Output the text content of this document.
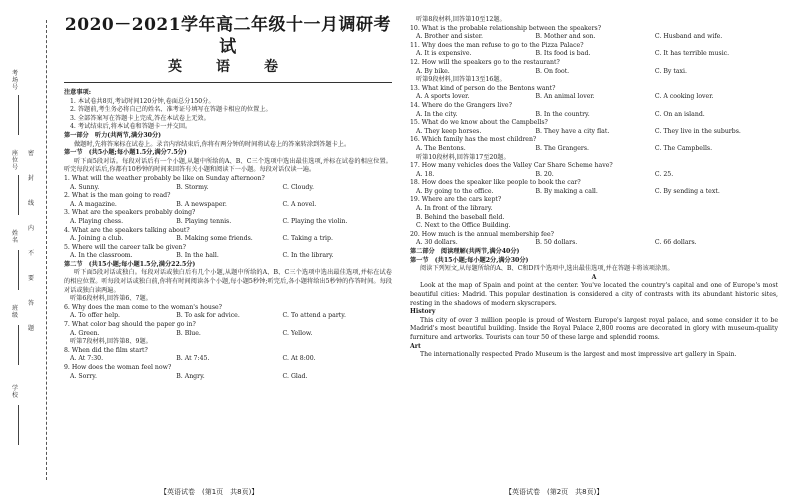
密
封
线
内
不
要
答
题
考场号
座位号
姓名
班级
学校
2020－2021学年高二年级十一月调研考试
英　语　卷
注意事项:
1. 本试卷共8页,考试时间120分钟,卷面总分150分。
2. 答题前,考生务必将自己的姓名、准考证号填写在答题卡相应的位置上。
3. 全部答案写在答题卡上完成,答在本试卷上无效。
4. 考试结束后,将本试卷和答题卡一并交回。
第一部分　听力(共两节,满分30分)
做题时,先将答案标在试卷上。录音内容结束后,你将有两分钟的时间将试卷上的答案转涂到答题卡上。
第一节　(共5小题;每小题1.5分,满分7.5分)
听下面5段对话。每段对话后有一个小题,从题中所给的A、B、C三个选项中选出最佳选项,并标在试卷的相应位置。听完每段对话后,你都有10秒钟的时间来回答有关小题和阅读下一小题。每段对话仅读一遍。
1. What will the weather probably be like on Sunday afternoon?
A. Sunny.	B. Stormy.	C. Cloudy.
2. What is the man going to read?
A. A magazine.	B. A newspaper.	C. A novel.
3. What are the speakers probably doing?
A. Playing chess.	B. Playing tennis.	C. Playing the violin.
4. What are the speakers talking about?
A. Joining a club.	B. Making some friends.	C. Taking a trip.
5. Where will the career talk be given?
A. In the classroom.	B. In the hall.	C. In the library.
第二节　(共15小题;每小题1.5分,满分22.5分)
听下面5段对话或独白。每段对话或独白后有几个小题,从题中所给的A、B、C三个选项中选出最佳选项,并标在试卷的相应位置。听每段对话或独白前,你将有时间阅读各个小题,每小题5秒钟;听完后,各小题将给出5秒钟的作答时间。每段对话或独白读两遍。
听第6段材料,回答第6、7题。
6. Why does the man come to the woman's house?
A. To offer help.	B. To ask for advice.	C. To attend a party.
7. What color bag should the paper go in?
A. Green.	B. Blue.	C. Yellow.
听第7段材料,回答第8、9题。
8. When did the film start?
A. At 7:30.	B. At 7:45.	C. At 8:00.
9. How does the woman feel now?
A. Sorry.	B. Angry.	C. Glad.
【英语试卷　(第1页　共8页)】
听第8段材料,回答第10至12题。
10. What is the probable relationship between the speakers?
A. Brother and sister.	B. Mother and son.	C. Husband and wife.
11. Why does the man refuse to go to the Pizza Palace?
A. It is expensive.	B. Its food is bad.	C. It has terrible music.
12. How will the speakers go to the restaurant?
A. By bike.	B. On foot.	C. By taxi.
听第9段材料,回答第13至16题。
13. What kind of person do the Bentons want?
A. A sports lover.	B. An animal lover.	C. A cooking lover.
14. Where do the Grangers live?
A. In the city.	B. In the country.	C. On an island.
15. What do we know about the Campbells?
A. They keep horses.	B. They have a city flat.	C. They live in the suburbs.
16. Which family has the most children?
A. The Bentons.	B. The Grangers.	C. The Campbells.
听第10段材料,回答第17至20题。
17. How many vehicles does the Valley Car Share Scheme have?
A. 18.	B. 20.	C. 25.
18. How does the speaker like people to book the car?
A. By going to the office.	B. By making a call.	C. By sending a text.
19. Where are the cars kept?
A. In front of the library.
B. Behind the baseball field.
C. Next to the Office Building.
20. How much is the annual membership fee?
A. 30 dollars.	B. 50 dollars.	C. 66 dollars.
第二部分　阅读理解(共两节,满分40分)
第一节　(共15小题;每小题2分,满分30分)
阅读下列短文,从每题所给的A、B、C和D四个选项中,选出最佳选项,并在答题卡将该项涂黑。
A
Look at the map of Spain and point at the center. You've located the country's capital and one of Europe's most beautiful cities: Madrid. This popular destination is considered a city of contrasts with its abundant historic sites, resting in the shadows of modern skyscrapers.
History
This city of over 3 million people is proud of Western Europe's largest royal palace, and some consider it to be Madrid's most beautiful building. Inside the Royal Palace 2,800 rooms are decorated in glory with museum-quality furniture and artworks. Tourists can tour 50 of these large and splendid rooms.
Art
The internationally respected Prado Museum is the largest and most impressive art gallery in Spain.
【英语试卷　(第2页　共8页)】
